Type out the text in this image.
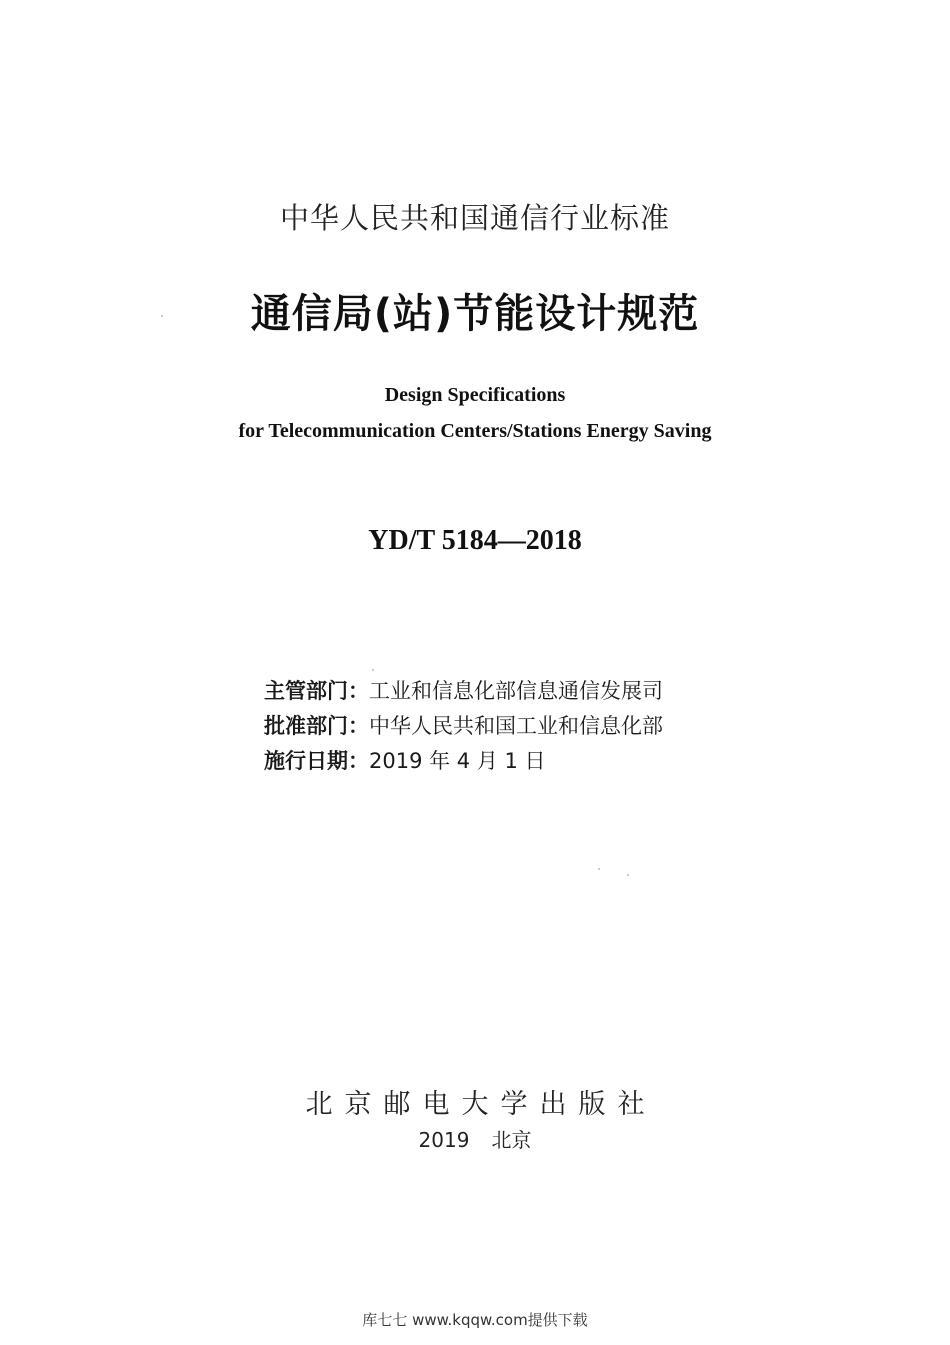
中华人民共和国通信行业标准
通信局(站)节能设计规范
Design Specifications
for Telecommunication Centers/Stations Energy Saving
YD/T 5184—2018
主管部门：工业和信息化部信息通信发展司
批准部门：中华人民共和国工业和信息化部
施行日期：2019 年 4 月 1 日
北京邮电大学出版社
2019 北京
库七七 www.kqqw.com提供下载
